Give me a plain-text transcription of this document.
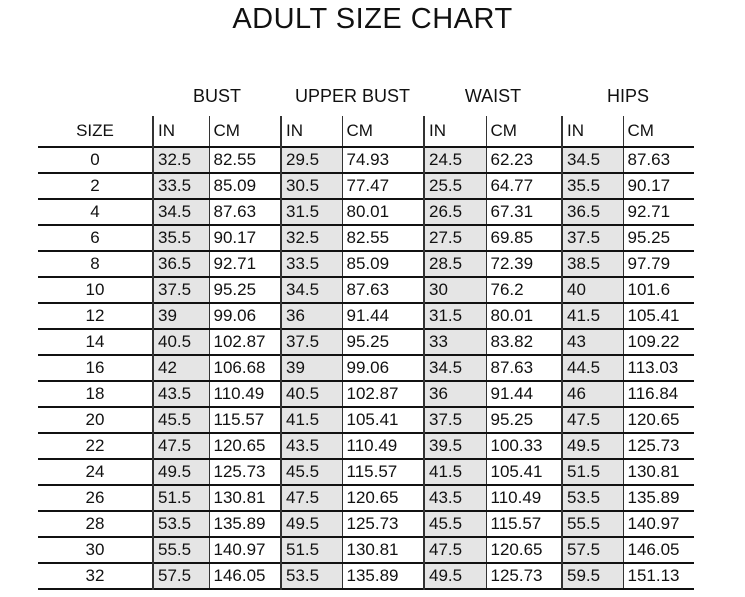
ADULT SIZE CHART
BUST	UPPER BUST	WAIST	HIPS
SIZE	IN	CM	IN	CM	IN	CM	IN	CM
0	32.5	82.55	29.5	74.93	24.5	62.23	34.5	87.63
2	33.5	85.09	30.5	77.47	25.5	64.77	35.5	90.17
4	34.5	87.63	31.5	80.01	26.5	67.31	36.5	92.71
6	35.5	90.17	32.5	82.55	27.5	69.85	37.5	95.25
8	36.5	92.71	33.5	85.09	28.5	72.39	38.5	97.79
10	37.5	95.25	34.5	87.63	30	76.2	40	101.6
12	39	99.06	36	91.44	31.5	80.01	41.5	105.41
14	40.5	102.87	37.5	95.25	33	83.82	43	109.22
16	42	106.68	39	99.06	34.5	87.63	44.5	113.03
18	43.5	110.49	40.5	102.87	36	91.44	46	116.84
20	45.5	115.57	41.5	105.41	37.5	95.25	47.5	120.65
22	47.5	120.65	43.5	110.49	39.5	100.33	49.5	125.73
24	49.5	125.73	45.5	115.57	41.5	105.41	51.5	130.81
26	51.5	130.81	47.5	120.65	43.5	110.49	53.5	135.89
28	53.5	135.89	49.5	125.73	45.5	115.57	55.5	140.97
30	55.5	140.97	51.5	130.81	47.5	120.65	57.5	146.05
32	57.5	146.05	53.5	135.89	49.5	125.73	59.5	151.13
